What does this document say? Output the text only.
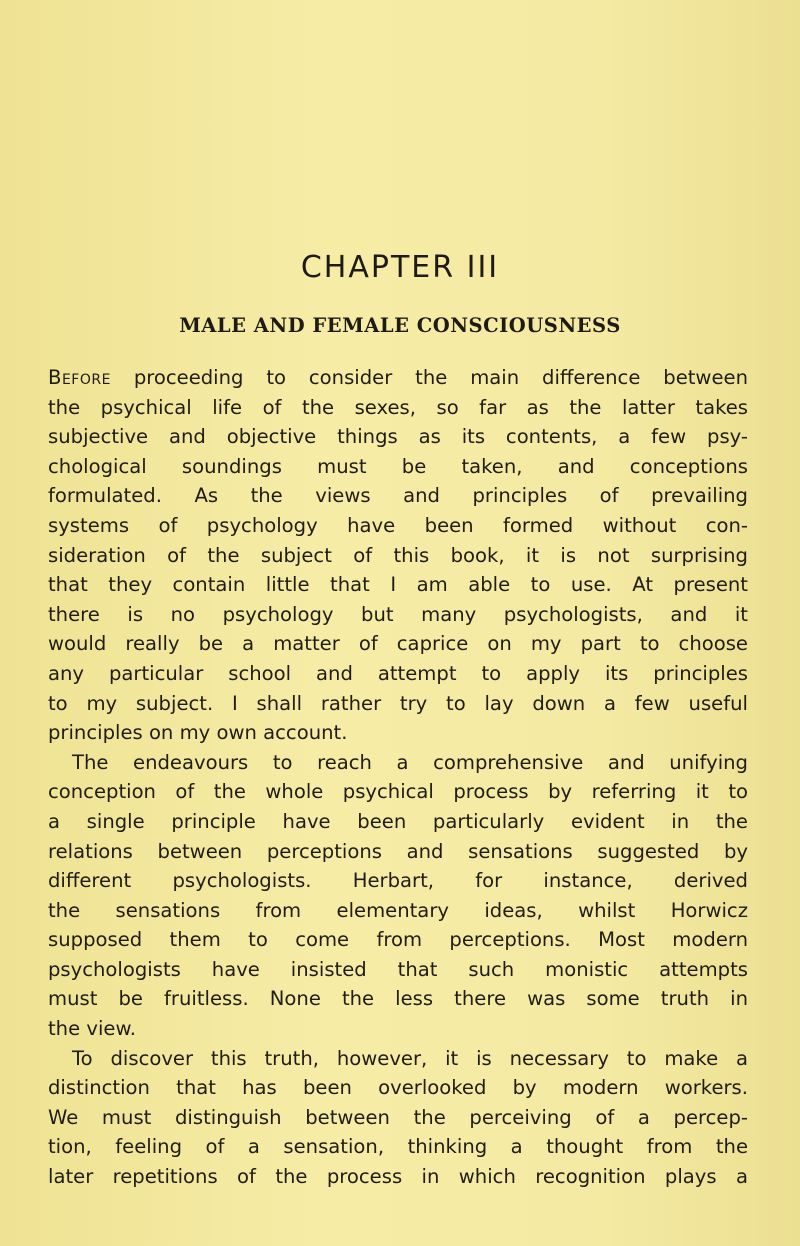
CHAPTER III
MALE AND FEMALE CONSCIOUSNESS
Before proceeding to consider the main difference between
the psychical life of the sexes, so far as the latter takes
subjective and objective things as its contents, a few psy-
chological soundings must be taken, and conceptions
formulated. As the views and principles of prevailing
systems of psychology have been formed without con-
sideration of the subject of this book, it is not surprising
that they contain little that I am able to use. At present
there is no psychology but many psychologists, and it
would really be a matter of caprice on my part to choose
any particular school and attempt to apply its principles
to my subject. I shall rather try to lay down a few useful
principles on my own account.
The endeavours to reach a comprehensive and unifying
conception of the whole psychical process by referring it to
a single principle have been particularly evident in the
relations between perceptions and sensations suggested by
different psychologists. Herbart, for instance, derived
the sensations from elementary ideas, whilst Horwicz
supposed them to come from perceptions. Most modern
psychologists have insisted that such monistic attempts
must be fruitless. None the less there was some truth in
the view.
To discover this truth, however, it is necessary to make a
distinction that has been overlooked by modern workers.
We must distinguish between the perceiving of a percep-
tion, feeling of a sensation, thinking a thought from the
later repetitions of the process in which recognition plays a
